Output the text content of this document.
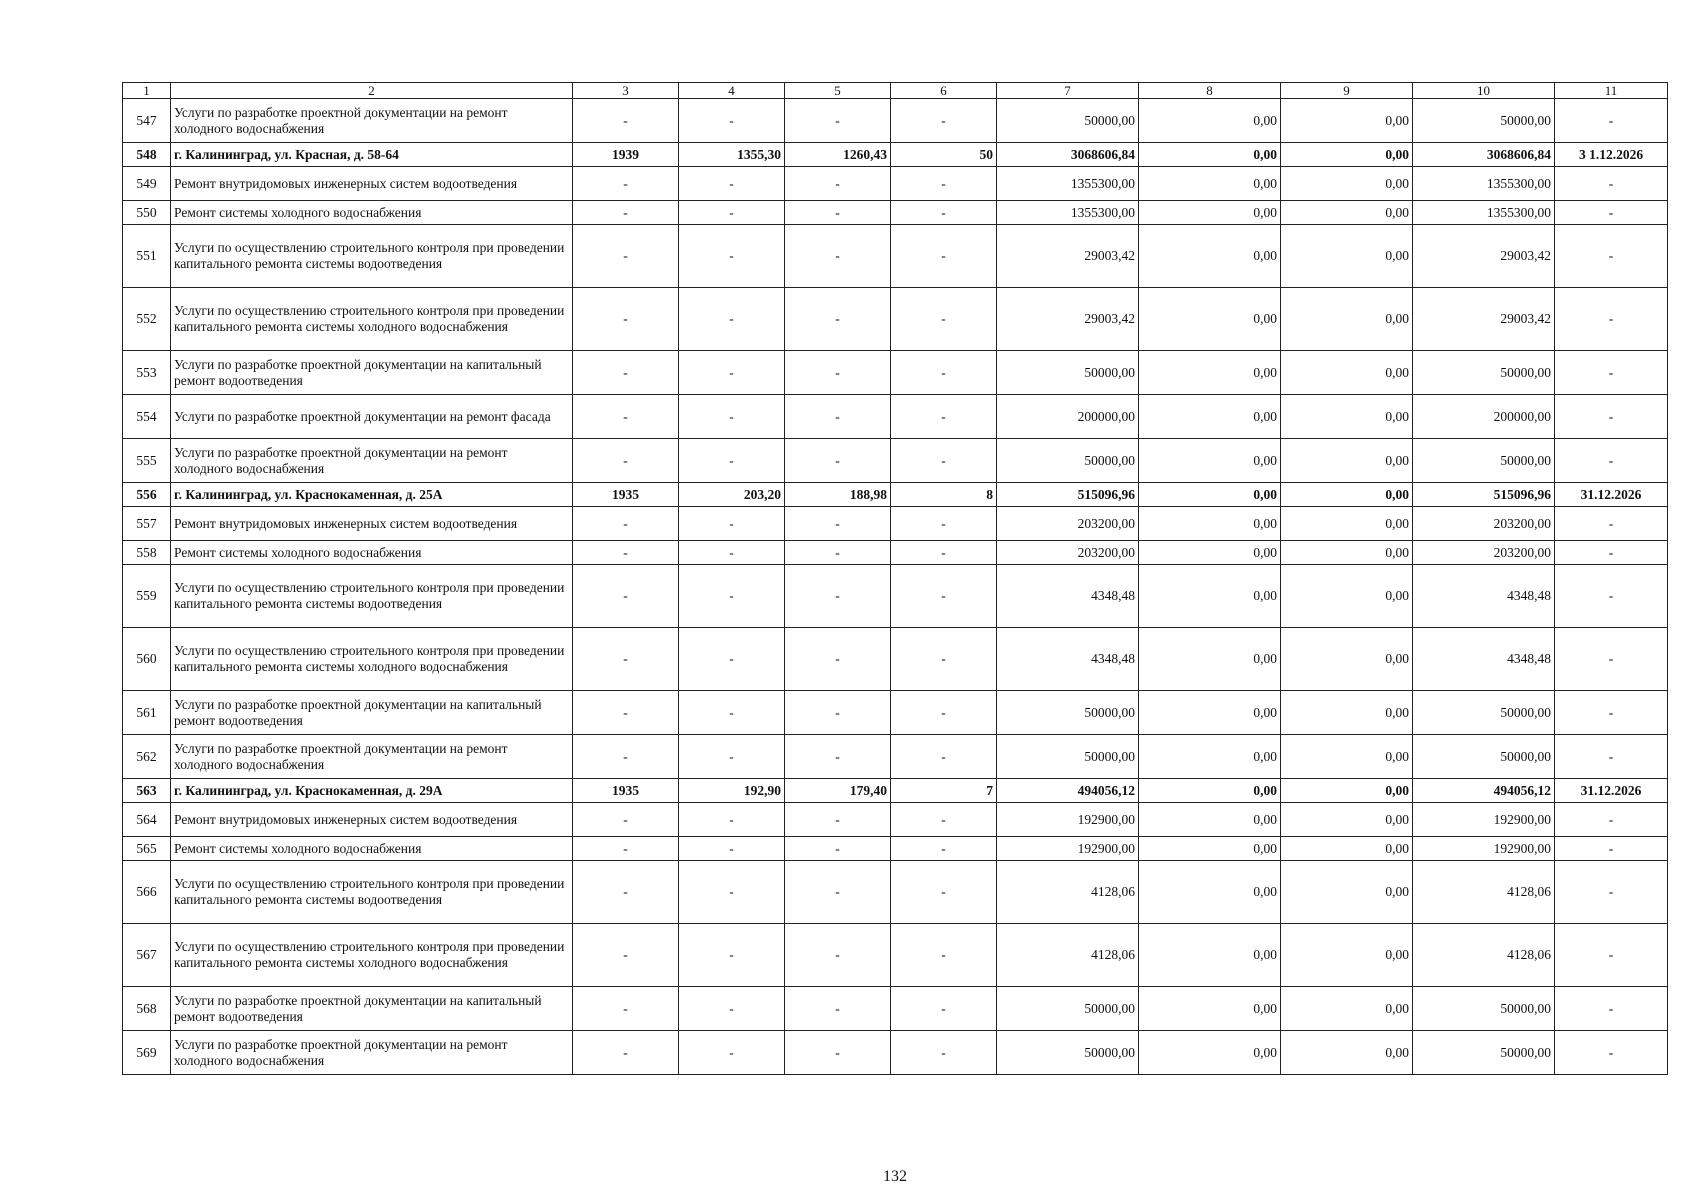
1	2	3	4	5	6	7	8	9	10	11
547	Услуги по разработке проектной документации на ремонт холодного водоснабжения	-	-	-	-	50000,00	0,00	0,00	50000,00	-
548	г. Калининград, ул. Красная, д. 58-64	1939	1355,30	1260,43	50	3068606,84	0,00	0,00	3068606,84	3 1.12.2026
549	Ремонт внутридомовых инженерных систем водоотведения	-	-	-	-	1355300,00	0,00	0,00	1355300,00	-
550	Ремонт системы холодного водоснабжения	-	-	-	-	1355300,00	0,00	0,00	1355300,00	-
551	Услуги по осуществлению строительного контроля при проведении капитального ремонта системы водоотведения	-	-	-	-	29003,42	0,00	0,00	29003,42	-
552	Услуги по осуществлению строительного контроля при проведении капитального ремонта системы холодного водоснабжения	-	-	-	-	29003,42	0,00	0,00	29003,42	-
553	Услуги по разработке проектной документации на капитальный ремонт водоотведения	-	-	-	-	50000,00	0,00	0,00	50000,00	-
554	Услуги по разработке проектной документации на ремонт фасада	-	-	-	-	200000,00	0,00	0,00	200000,00	-
555	Услуги по разработке проектной документации на ремонт холодного водоснабжения	-	-	-	-	50000,00	0,00	0,00	50000,00	-
556	г. Калининград, ул. Краснокаменная, д. 25А	1935	203,20	188,98	8	515096,96	0,00	0,00	515096,96	31.12.2026
557	Ремонт внутридомовых инженерных систем водоотведения	-	-	-	-	203200,00	0,00	0,00	203200,00	-
558	Ремонт системы холодного водоснабжения	-	-	-	-	203200,00	0,00	0,00	203200,00	-
559	Услуги по осуществлению строительного контроля при проведении капитального ремонта системы водоотведения	-	-	-	-	4348,48	0,00	0,00	4348,48	-
560	Услуги по осуществлению строительного контроля при проведении капитального ремонта системы холодного водоснабжения	-	-	-	-	4348,48	0,00	0,00	4348,48	-
561	Услуги по разработке проектной документации на капитальный ремонт водоотведения	-	-	-	-	50000,00	0,00	0,00	50000,00	-
562	Услуги по разработке проектной документации на ремонт холодного водоснабжения	-	-	-	-	50000,00	0,00	0,00	50000,00	-
563	г. Калининград, ул. Краснокаменная, д. 29А	1935	192,90	179,40	7	494056,12	0,00	0,00	494056,12	31.12.2026
564	Ремонт внутридомовых инженерных систем водоотведения	-	-	-	-	192900,00	0,00	0,00	192900,00	-
565	Ремонт системы холодного водоснабжения	-	-	-	-	192900,00	0,00	0,00	192900,00	-
566	Услуги по осуществлению строительного контроля при проведении капитального ремонта системы водоотведения	-	-	-	-	4128,06	0,00	0,00	4128,06	-
567	Услуги по осуществлению строительного контроля при проведении капитального ремонта системы холодного водоснабжения	-	-	-	-	4128,06	0,00	0,00	4128,06	-
568	Услуги по разработке проектной документации на капитальный ремонт водоотведения	-	-	-	-	50000,00	0,00	0,00	50000,00	-
569	Услуги по разработке проектной документации на ремонт холодного водоснабжения	-	-	-	-	50000,00	0,00	0,00	50000,00	-
132
